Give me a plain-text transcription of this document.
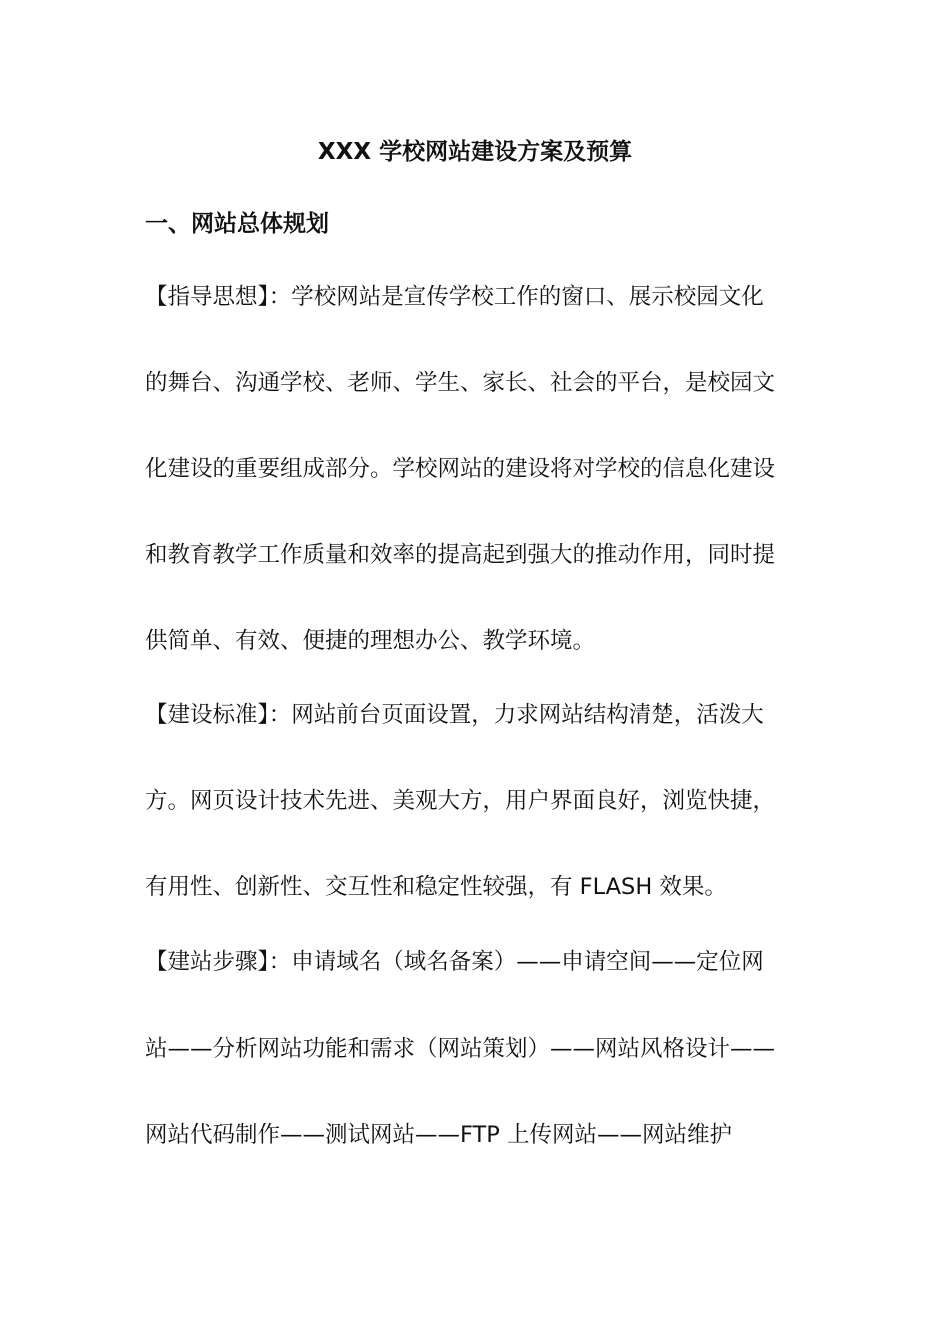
XXX 学校网站建设方案及预算
一、网站总体规划
【指导思想】：学校网站是宣传学校工作的窗口、展示校园文化
的舞台、沟通学校、老师、学生、家长、社会的平台，是校园文
化建设的重要组成部分。学校网站的建设将对学校的信息化建设
和教育教学工作质量和效率的提高起到强大的推动作用，同时提
供简单、有效、便捷的理想办公、教学环境。
【建设标准】：网站前台页面设置，力求网站结构清楚，活泼大
方。网页设计技术先进、美观大方，用户界面良好，浏览快捷，
有用性、创新性、交互性和稳定性较强，有 FLASH 效果。
【建站步骤】：申请域名（域名备案）——申请空间——定位网
站——分析网站功能和需求（网站策划）——网站风格设计——
网站代码制作——测试网站——FTP 上传网站——网站维护
